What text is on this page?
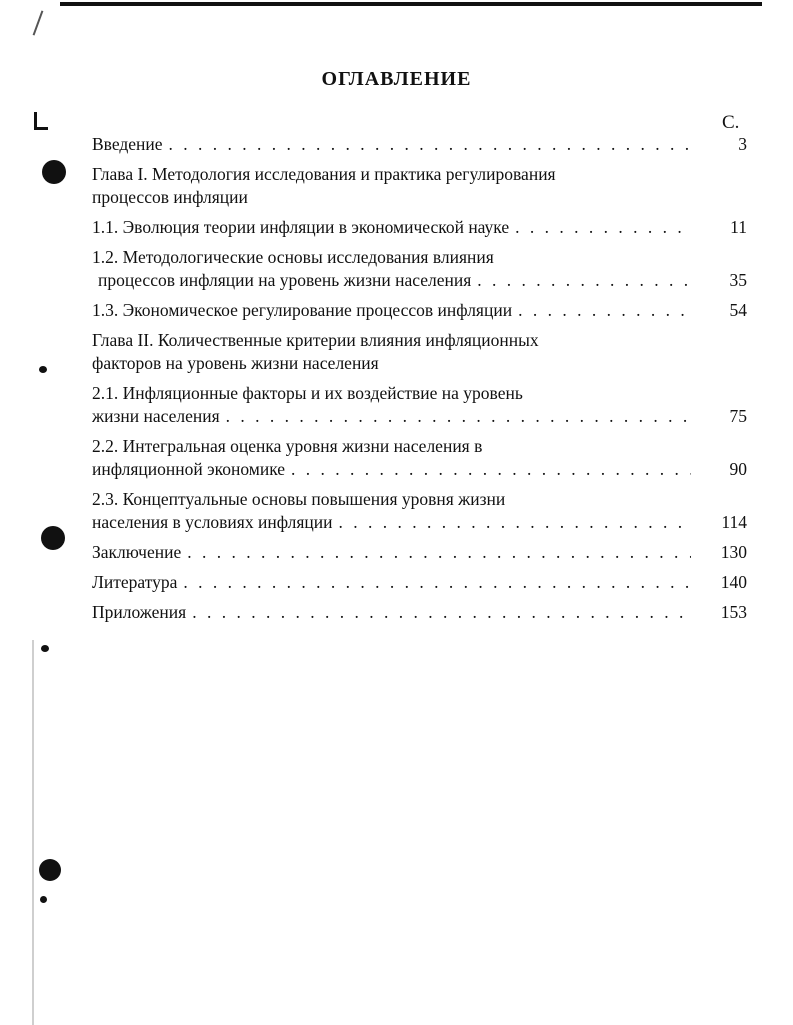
ОГЛАВЛЕНИЕ
С.
Введение . . .	3
Глава I. Методология исследования и практика регулирования
процессов инфляции
1.1. Эволюция теории инфляции в экономической науке . . .	11
1.2. Методологические основы исследования влияния
процессов инфляции на уровень жизни населения . . .	35
1.3. Экономическое регулирование процессов инфляции . . .	54
Глава II. Количественные критерии влияния инфляционных
факторов на уровень жизни населения
2.1. Инфляционные факторы и их воздействие на уровень
жизни населения . . .	75
2.2. Интегральная оценка уровня жизни населения в
инфляционной экономике . . .	90
2.3. Концептуальные основы повышения уровня жизни
населения в условиях инфляции . . .	114
Заключение . . .	130
Литература . . .	140
Приложения . . .	153
